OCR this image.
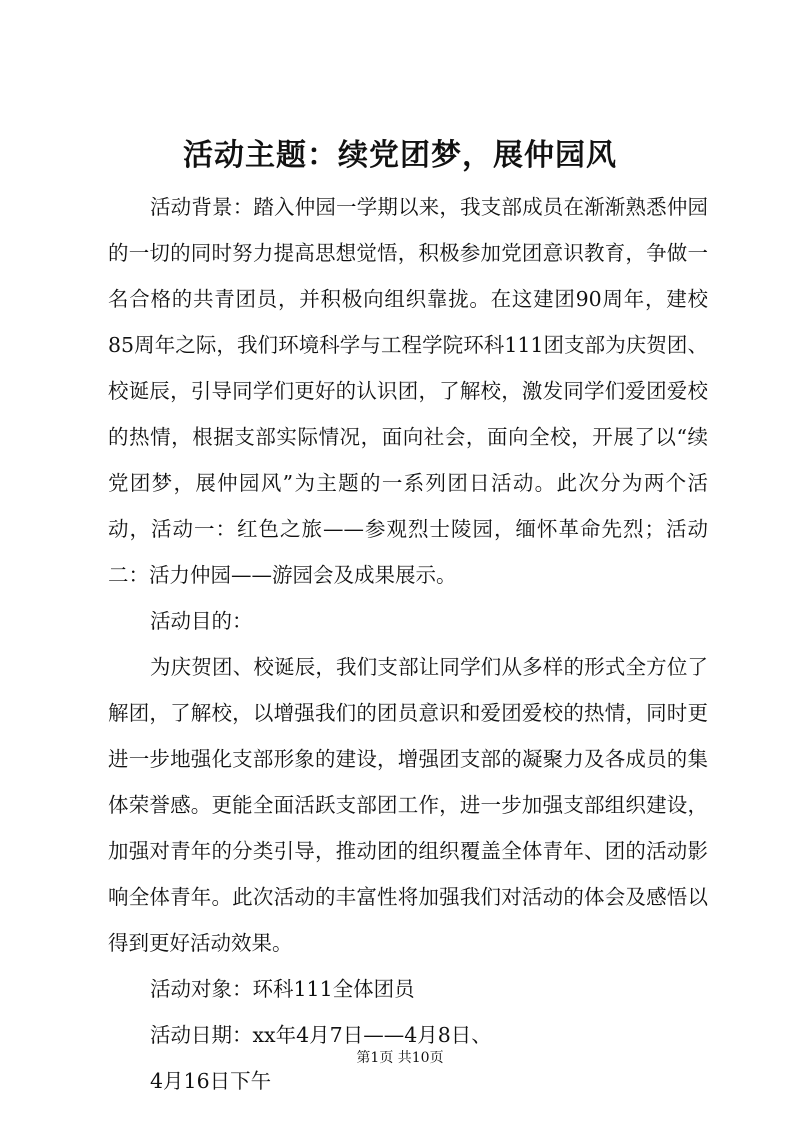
活动主题：续党团梦，展仲园风

活动背景：踏入仲园一学期以来，我支部成员在渐渐熟悉仲园的一切的同时努力提高思想觉悟，积极参加党团意识教育，争做一名合格的共青团员，并积极向组织靠拢。在这建团90周年，建校85周年之际，我们环境科学与工程学院环科111团支部为庆贺团、校诞辰，引导同学们更好的认识团，了解校，激发同学们爱团爱校的热情，根据支部实际情况，面向社会，面向全校，开展了以“续党团梦，展仲园风”为主题的一系列团日活动。此次分为两个活动，活动一：红色之旅——参观烈士陵园，缅怀革命先烈；活动二：活力仲园——游园会及成果展示。

活动目的：

为庆贺团、校诞辰，我们支部让同学们从多样的形式全方位了解团，了解校，以增强我们的团员意识和爱团爱校的热情，同时更进一步地强化支部形象的建设，增强团支部的凝聚力及各成员的集体荣誉感。更能全面活跃支部团工作，进一步加强支部组织建设，加强对青年的分类引导，推动团的组织覆盖全体青年、团的活动影响全体青年。此次活动的丰富性将加强我们对活动的体会及感悟以得到更好活动效果。

活动对象：环科111全体团员

活动日期：xx年4月7日——4月8日、

4月16日下午

第1页 共10页
